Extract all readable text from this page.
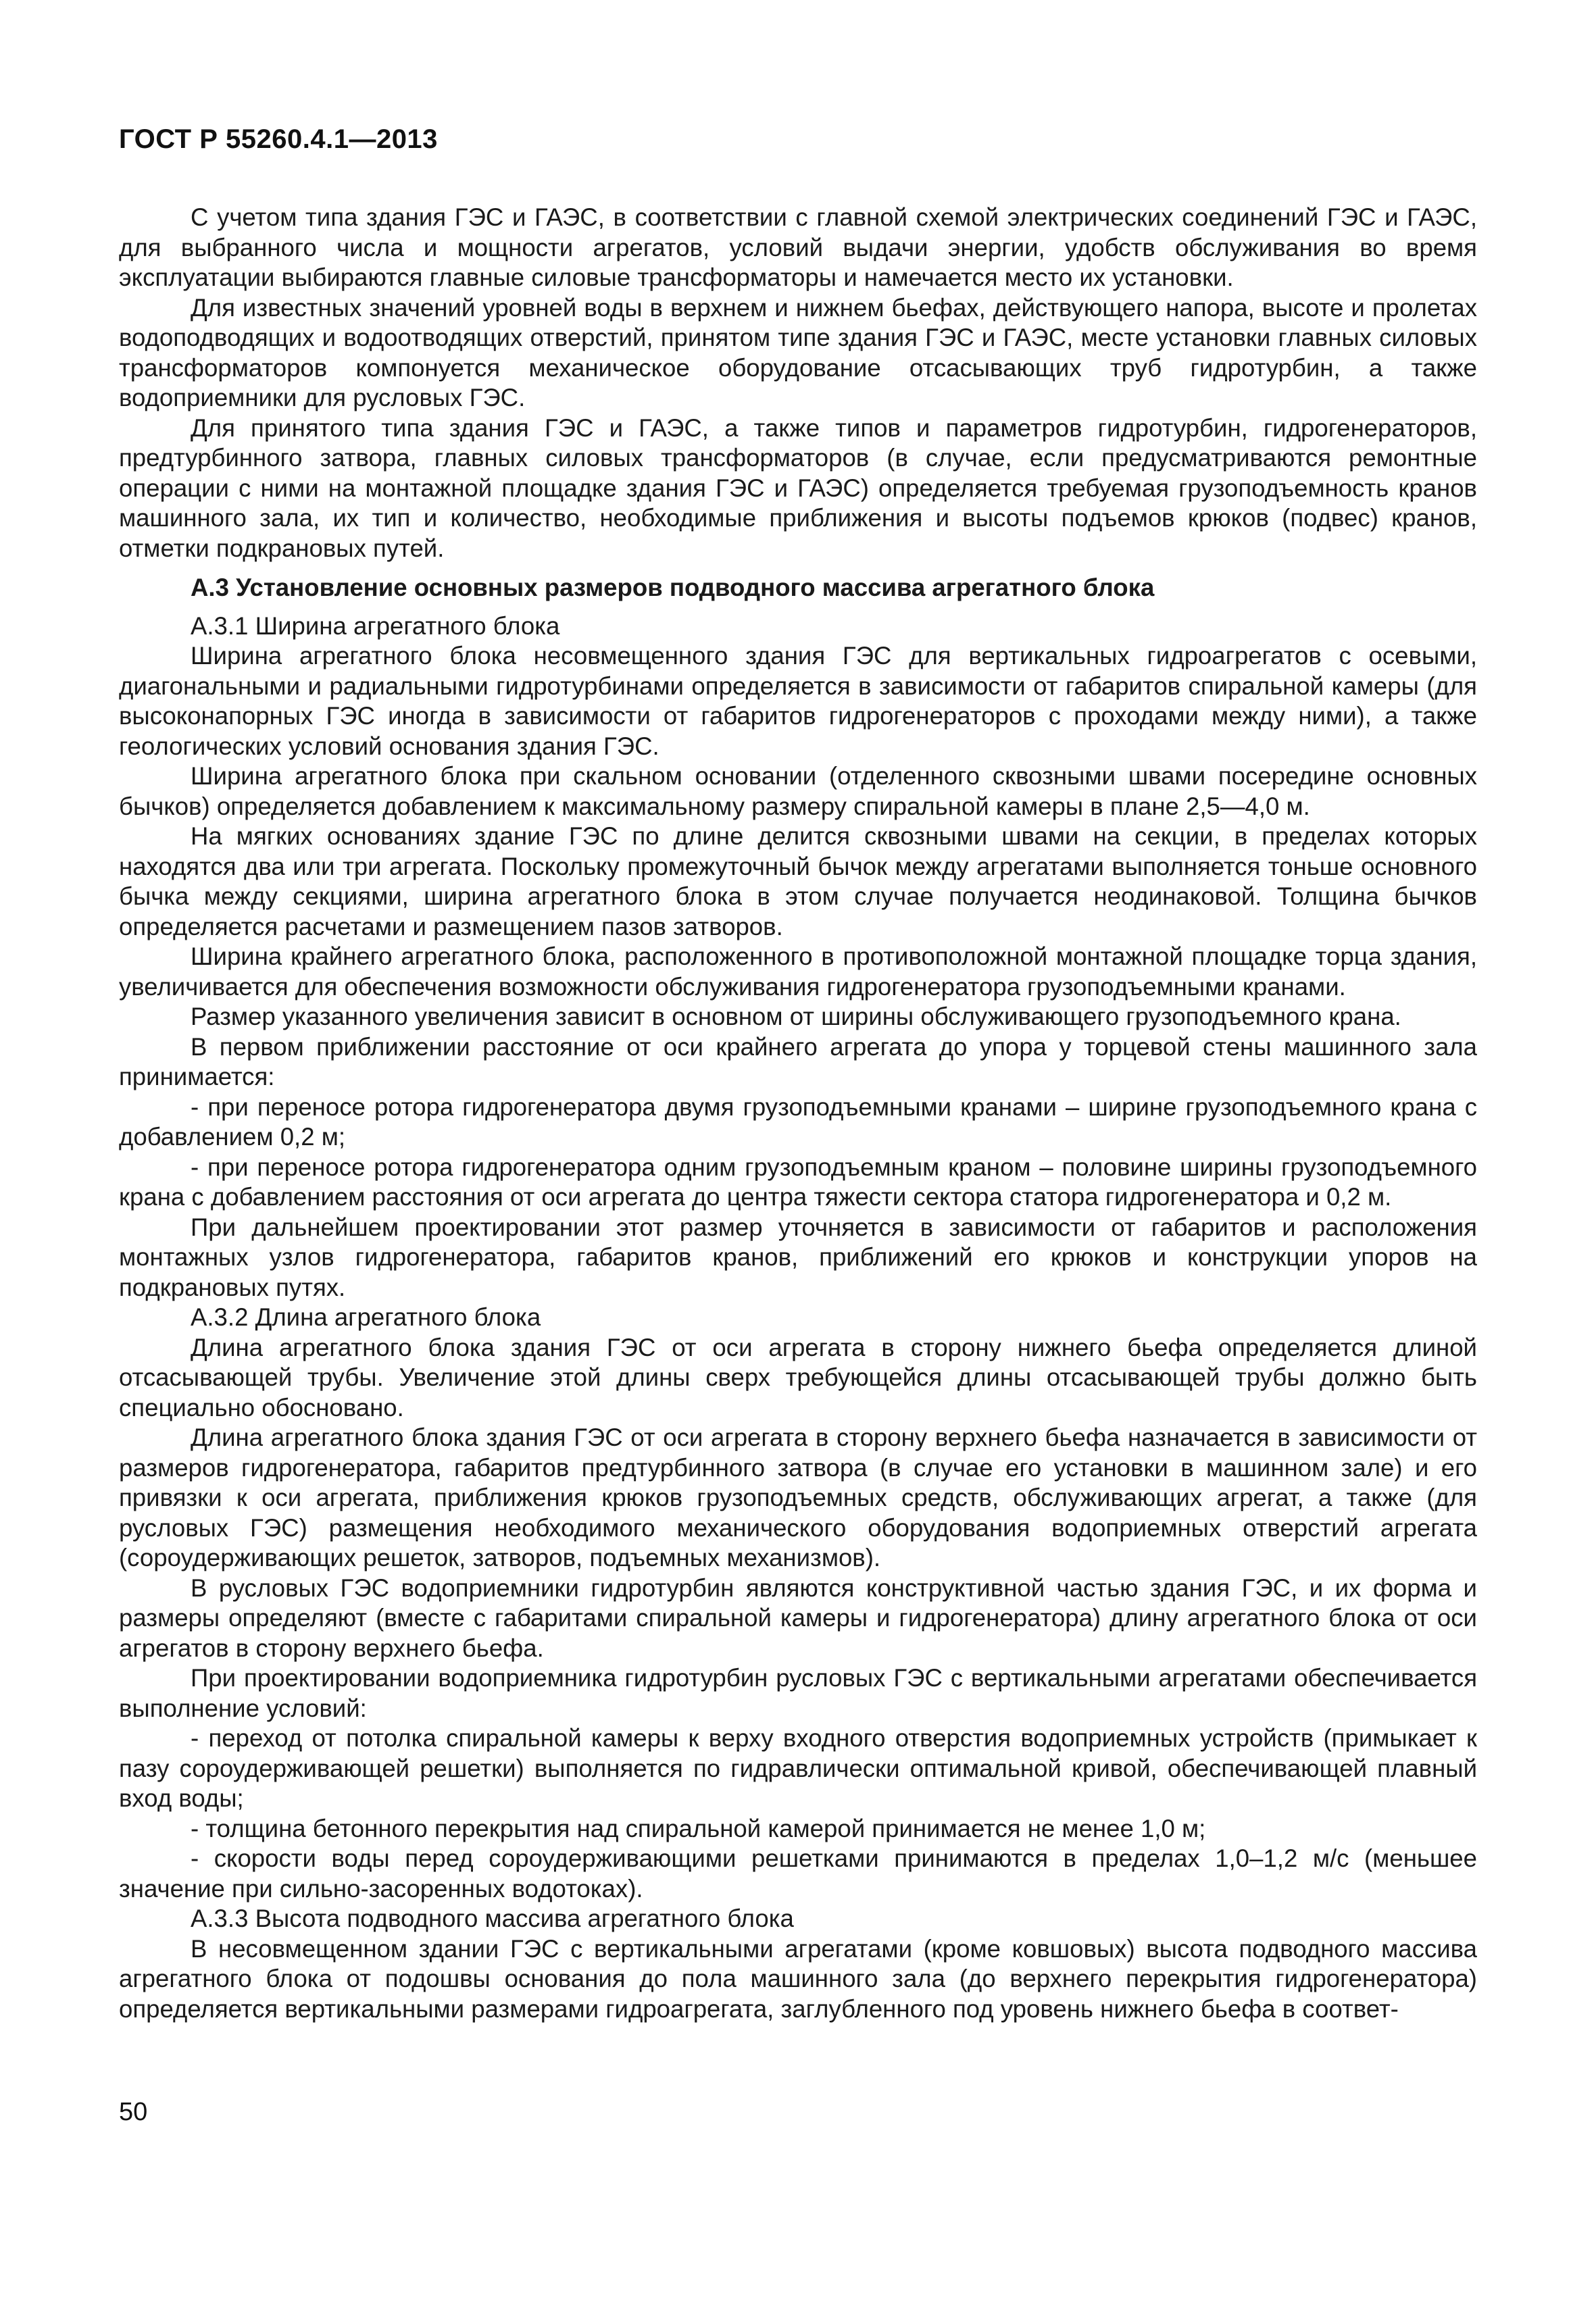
ГОСТ Р 55260.4.1—2013

С учетом типа здания ГЭС и ГАЭС, в соответствии с главной схемой электрических соединений ГЭС и ГАЭС, для выбранного числа и мощности агрегатов, условий выдачи энергии, удобств обслуживания во время эксплуатации выбираются главные силовые трансформаторы и намечается место их установки.

Для известных значений уровней воды в верхнем и нижнем бьефах, действующего напора, высоте и пролетах водоподводящих и водоотводящих отверстий, принятом типе здания ГЭС и ГАЭС, месте установки главных силовых трансформаторов компонуется механическое оборудование отсасывающих труб гидротурбин, а также водоприемники для русловых ГЭС.

Для принятого типа здания ГЭС и ГАЭС, а также типов и параметров гидротурбин, гидрогенераторов, предтурбинного затвора, главных силовых трансформаторов (в случае, если предусматриваются ремонтные операции с ними на монтажной площадке здания ГЭС и ГАЭС) определяется требуемая грузоподъемность кранов машинного зала, их тип и количество, необходимые приближения и высоты подъемов крюков (подвес) кранов, отметки подкрановых путей.

А.3 Установление основных размеров подводного массива агрегатного блока

А.3.1 Ширина агрегатного блока

Ширина агрегатного блока несовмещенного здания ГЭС для вертикальных гидроагрегатов с осевыми, диагональными и радиальными гидротурбинами определяется в зависимости от габаритов спиральной камеры (для высоконапорных ГЭС иногда в зависимости от габаритов гидрогенераторов с проходами между ними), а также геологических условий основания здания ГЭС.

Ширина агрегатного блока при скальном основании (отделенного сквозными швами посередине основных бычков) определяется добавлением к максимальному размеру спиральной камеры в плане 2,5—4,0 м.

На мягких основаниях здание ГЭС по длине делится сквозными швами на секции, в пределах которых находятся два или три агрегата. Поскольку промежуточный бычок между агрегатами выполняется тоньше основного бычка между секциями, ширина агрегатного блока в этом случае получается неодинаковой. Толщина бычков определяется расчетами и размещением пазов затворов.

Ширина крайнего агрегатного блока, расположенного в противоположной монтажной площадке торца здания, увеличивается для обеспечения возможности обслуживания гидрогенератора грузоподъемными кранами.

Размер указанного увеличения зависит в основном от ширины обслуживающего грузоподъемного крана.

В первом приближении расстояние от оси крайнего агрегата до упора у торцевой стены машинного зала принимается:

- при переносе ротора гидрогенератора двумя грузоподъемными кранами – ширине грузоподъемного крана с добавлением 0,2 м;

- при переносе ротора гидрогенератора одним грузоподъемным краном – половине ширины грузоподъемного крана с добавлением расстояния от оси агрегата до центра тяжести сектора статора гидрогенератора и 0,2 м.

При дальнейшем проектировании этот размер уточняется в зависимости от габаритов и расположения монтажных узлов гидрогенератора, габаритов кранов, приближений его крюков и конструкции упоров на подкрановых путях.

А.3.2 Длина агрегатного блока

Длина агрегатного блока здания ГЭС от оси агрегата в сторону нижнего бьефа определяется длиной отсасывающей трубы. Увеличение этой длины сверх требующейся длины отсасывающей трубы должно быть специально обосновано.

Длина агрегатного блока здания ГЭС от оси агрегата в сторону верхнего бьефа назначается в зависимости от размеров гидрогенератора, габаритов предтурбинного затвора (в случае его установки в машинном зале) и его привязки к оси агрегата, приближения крюков грузоподъемных средств, обслуживающих агрегат, а также (для русловых ГЭС) размещения необходимого механического оборудования водоприемных отверстий агрегата (сороудерживающих решеток, затворов, подъемных механизмов).

В русловых ГЭС водоприемники гидротурбин являются конструктивной частью здания ГЭС, и их форма и размеры определяют (вместе с габаритами спиральной камеры и гидрогенератора) длину агрегатного блока от оси агрегатов в сторону верхнего бьефа.

При проектировании водоприемника гидротурбин русловых ГЭС с вертикальными агрегатами обеспечивается выполнение условий:

- переход от потолка спиральной камеры к верху входного отверстия водоприемных устройств (примыкает к пазу сороудерживающей решетки) выполняется по гидравлически оптимальной кривой, обеспечивающей плавный вход воды;

- толщина бетонного перекрытия над спиральной камерой принимается не менее 1,0 м;

- скорости воды перед сороудерживающими решетками принимаются в пределах 1,0–1,2 м/с (меньшее значение при сильно-засоренных водотоках).

А.3.3 Высота подводного массива агрегатного блока

В несовмещенном здании ГЭС с вертикальными агрегатами (кроме ковшовых) высота подводного массива агрегатного блока от подошвы основания до пола машинного зала (до верхнего перекрытия гидрогенератора) определяется вертикальными размерами гидроагрегата, заглубленного под уровень нижнего бьефа в соответ-

50
